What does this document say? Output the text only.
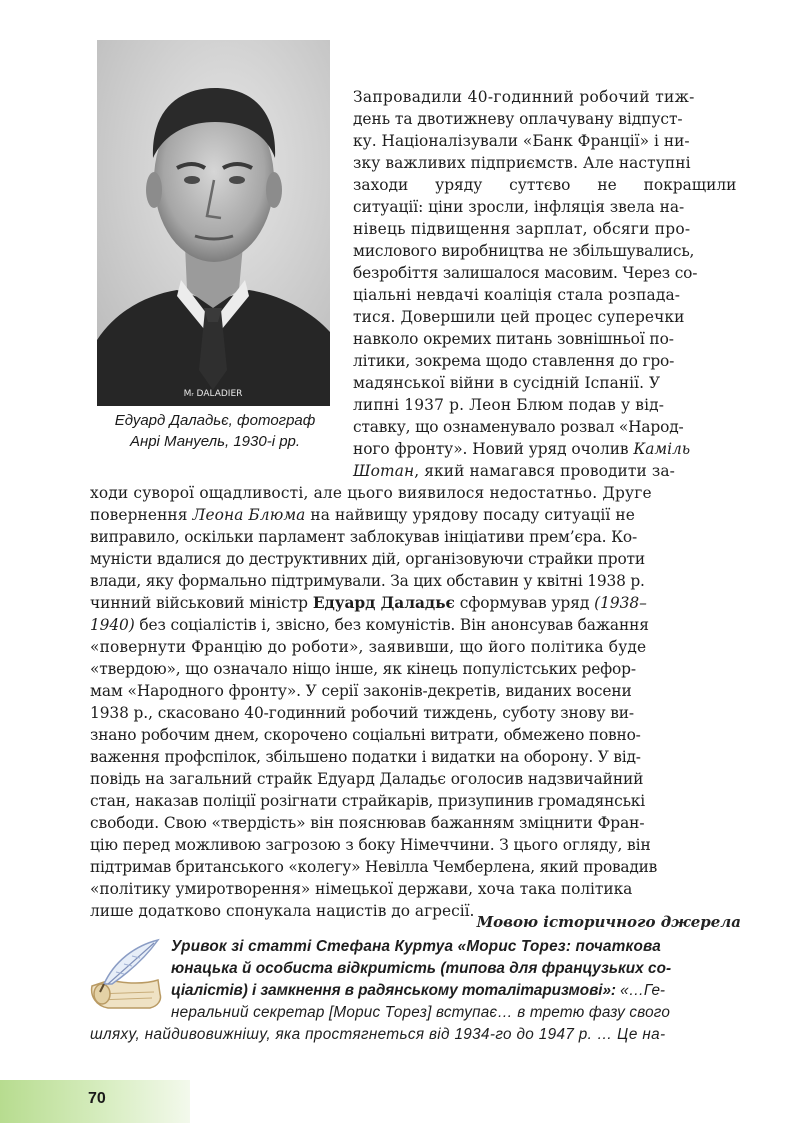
Mᵣ DALADIER
Едуард Даладьє, фотограф
Анрі Мануель, 1930-і рр.
Запровадили 40-годинний робочий тиж-
день та двотижневу оплачувану відпуст-
ку. Націоналізували «Банк Франції» і ни-
зку важливих підприємств. Але наступні
заходи уряду суттєво не покращили
ситуації: ціни зросли, інфляція звела на-
нівець підвищення зарплат, обсяги про-
мислового виробництва не збільшувались,
безробіття залишалося масовим. Через со-
ціальні невдачі коаліція стала розпада-
тися. Довершили цей процес суперечки
навколо окремих питань зовнішньої по-
літики, зокрема щодо ставлення до гро-
мадянської війни в сусідній Іспанії. У
липні 1937 р. Леон Блюм подав у від-
ставку, що ознаменувало розвал «Народ-
ного фронту». Новий уряд очолив Каміль
Шотан, який намагався проводити за-
ходи суворої ощадливості, але цього виявилося недостатньо. Друге
повернення Леона Блюма на найвищу урядову посаду ситуації не
виправило, оскільки парламент заблокував ініціативи прем’єра. Ко-
муністи вдалися до деструктивних дій, організовуючи страйки проти
влади, яку формально підтримували. За цих обставин у квітні 1938 р.
чинний військовий міністр Едуард Даладьє сформував уряд (1938–
1940) без соціалістів і, звісно, без комуністів. Він анонсував бажання
«повернути Францію до роботи», заявивши, що його політика буде
«твердою», що означало ніщо інше, як кінець популістських рефор-
мам «Народного фронту». У серії законів-декретів, виданих восени
1938 р., скасовано 40-годинний робочий тиждень, суботу знову ви-
знано робочим днем, скорочено соціальні витрати, обмежено повно-
важення профспілок, збільшено податки і видатки на оборону. У від-
повідь на загальний страйк Едуард Даладьє оголосив надзвичайний
стан, наказав поліції розігнати страйкарів, призупинив громадянські
свободи. Свою «твердість» він пояснював бажанням зміцнити Фран-
цію перед можливою загрозою з боку Німеччини. З цього огляду, він
підтримав британського «колегу» Невілла Чемберлена, який провадив
«політику умиротворення» німецької держави, хоча така політика
лише додатково спонукала нацистів до агресії.
Мовою історичного джерела
Уривок зі статті Стефана Куртуа «Морис Торез: початкова
юнацька й особиста відкритість (типова для французьких со-
ціалістів) і замкнення в радянському тоталітаризмові»: «…Ге-
неральний секретар [Морис Торез] вступає… в третю фазу свого
шляху, найдивовижнішу, яка простягнеться від 1934-го до 1947 р. … Це на-
70
